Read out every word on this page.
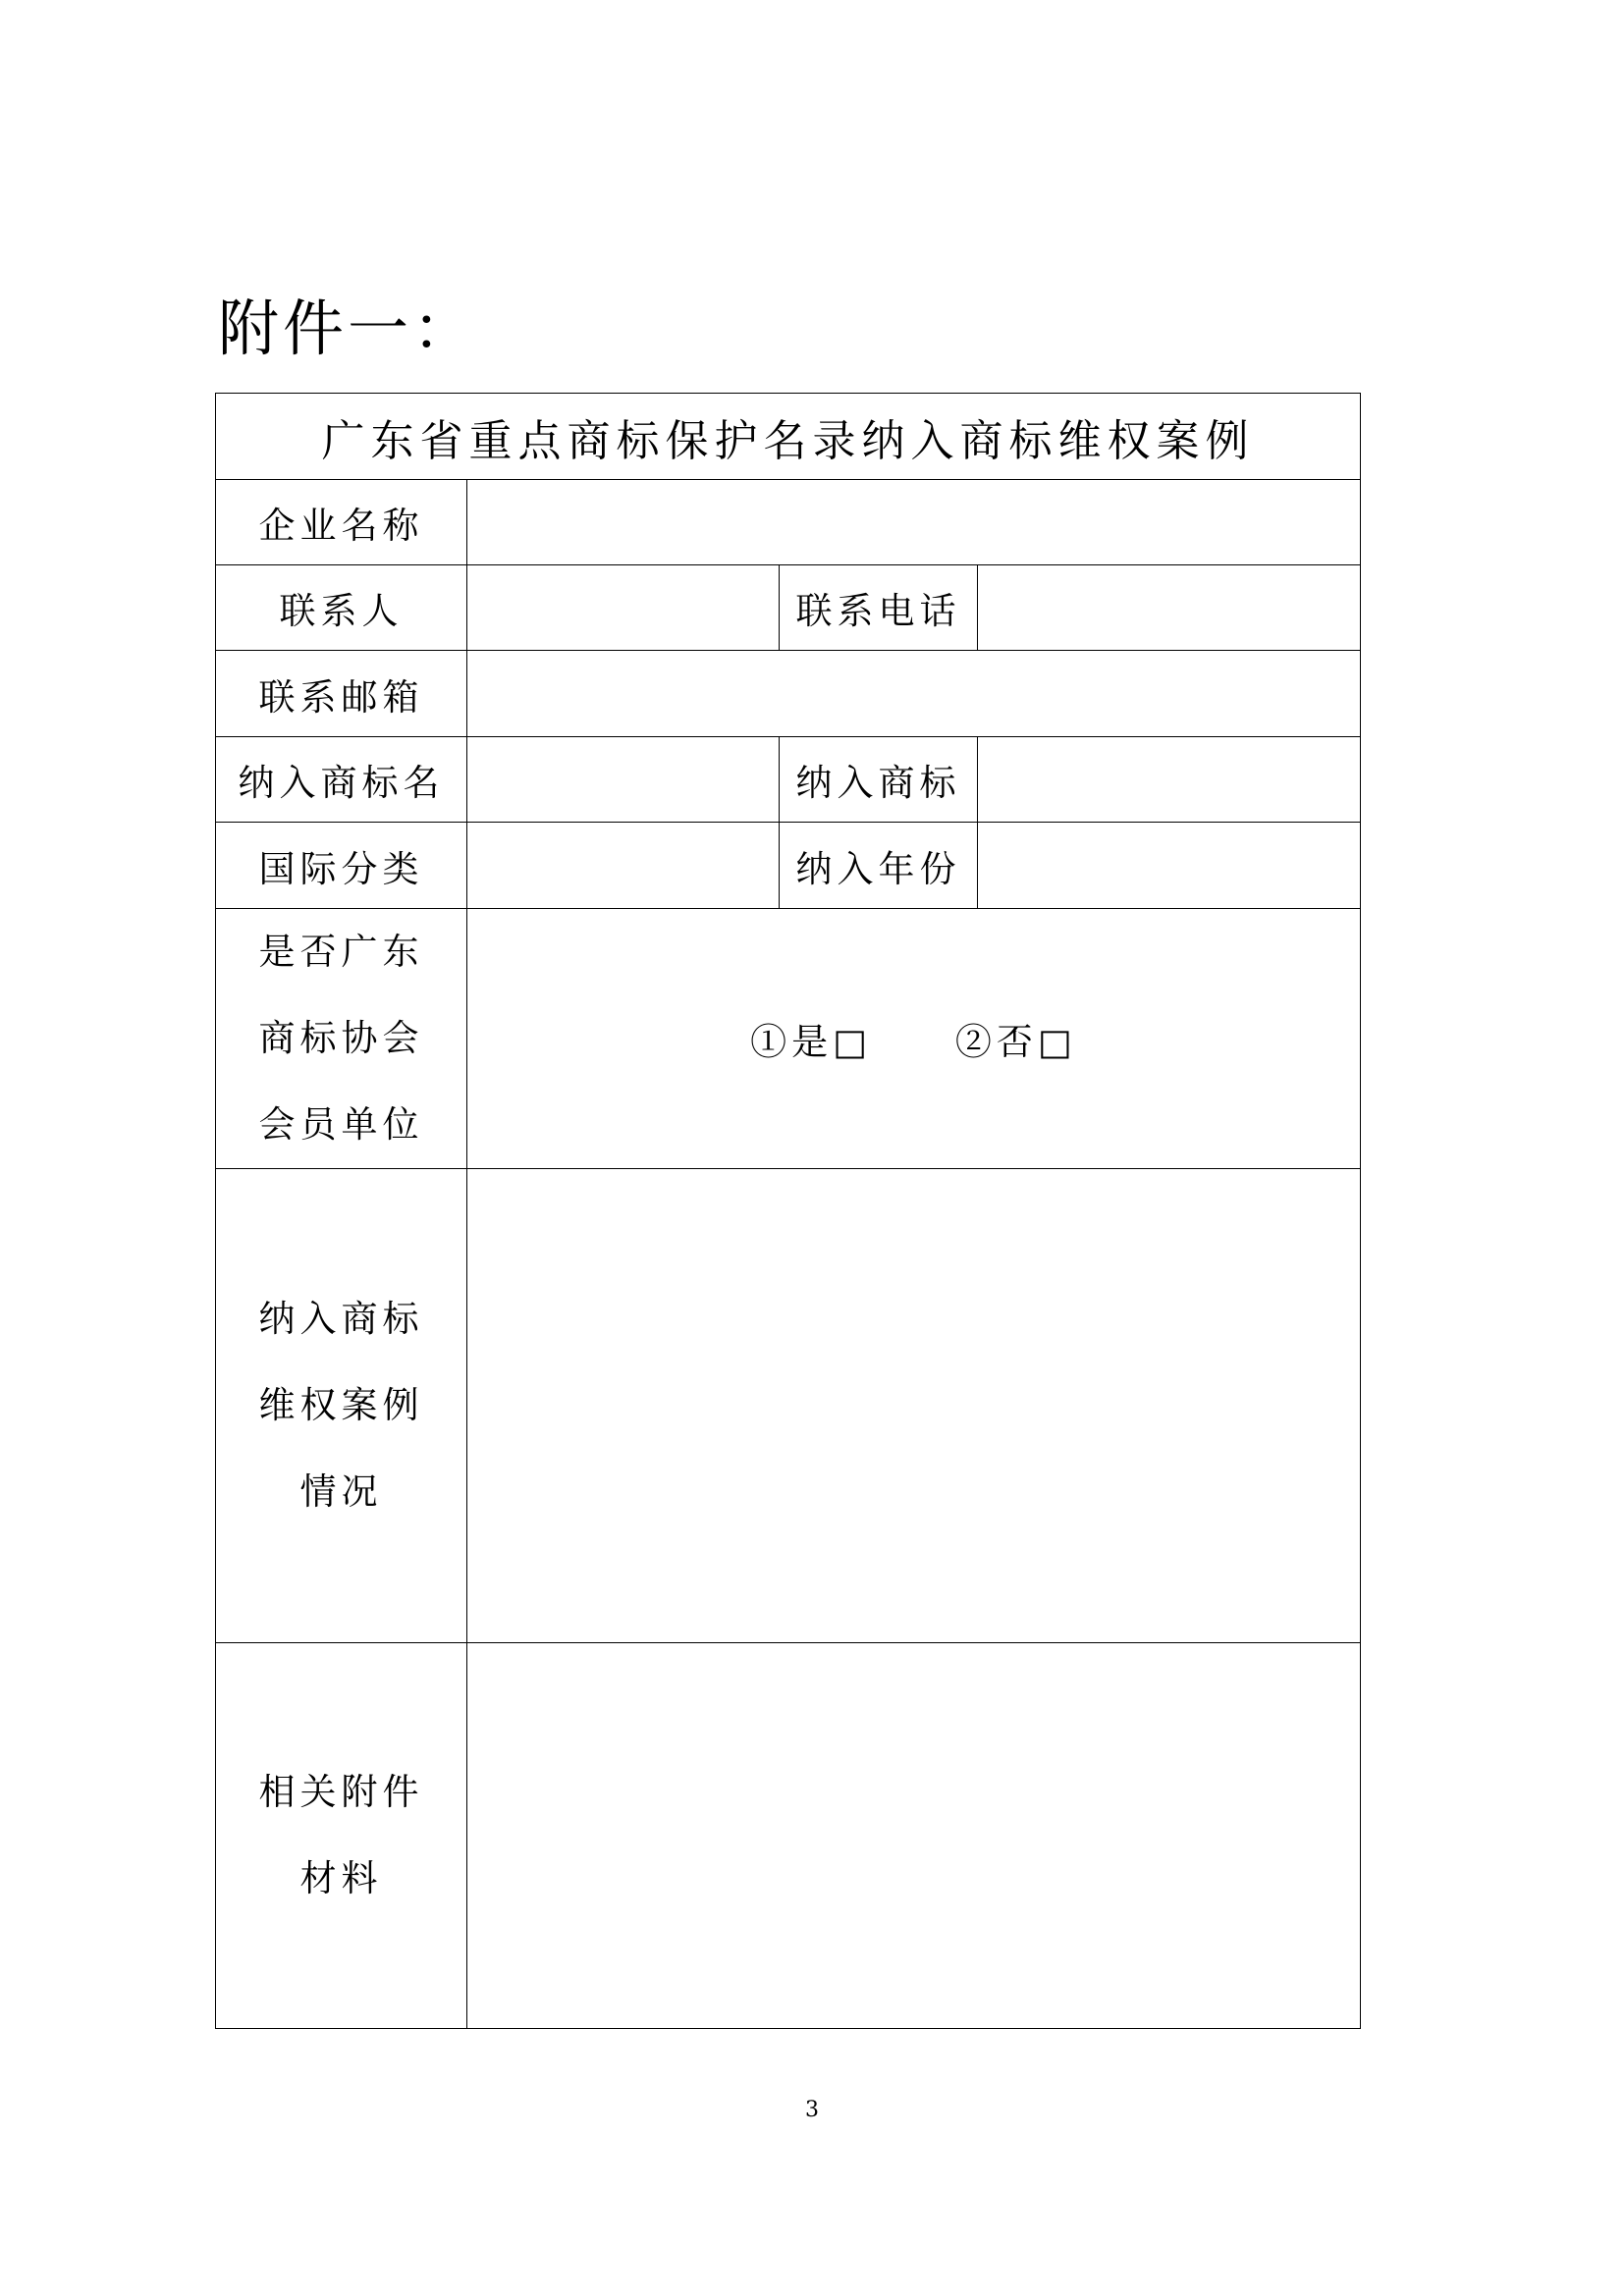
附件一：
广东省重点商标保护名录纳入商标维权案例			
企业名称			
联系人		联系电话	
联系邮箱			
纳入商标名		纳入商标	
国际分类		纳入年份	
是否广东商标协会会员单位	①是□ ②否□		
纳入商标维权案例情况			
相关附件材料			
3
